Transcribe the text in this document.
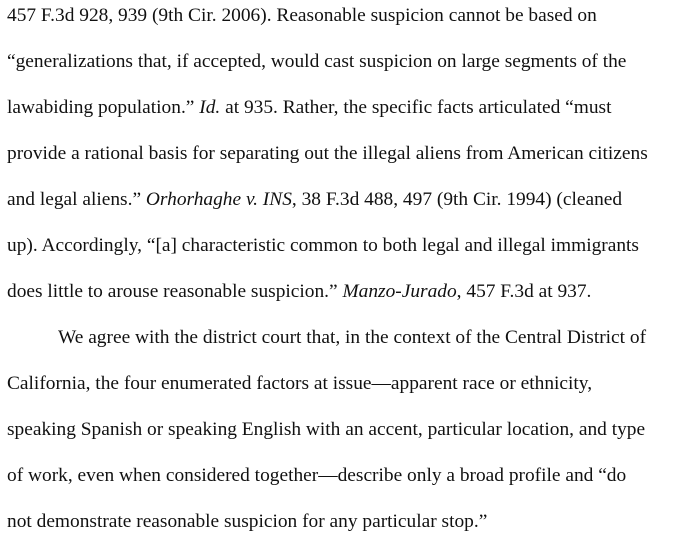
457 F.3d 928, 939 (9th Cir. 2006). Reasonable suspicion cannot be based on
“generalizations that, if accepted, would cast suspicion on large segments of the
lawabiding population.” Id. at 935. Rather, the specific facts articulated “must
provide a rational basis for separating out the illegal aliens from American citizens
and legal aliens.” Orhorhaghe v. INS, 38 F.3d 488, 497 (9th Cir. 1994) (cleaned
up). Accordingly, “[a] characteristic common to both legal and illegal immigrants
does little to arouse reasonable suspicion.” Manzo-Jurado, 457 F.3d at 937.
We agree with the district court that, in the context of the Central District of
California, the four enumerated factors at issue—apparent race or ethnicity,
speaking Spanish or speaking English with an accent, particular location, and type
of work, even when considered together—describe only a broad profile and “do
not demonstrate reasonable suspicion for any particular stop.”
